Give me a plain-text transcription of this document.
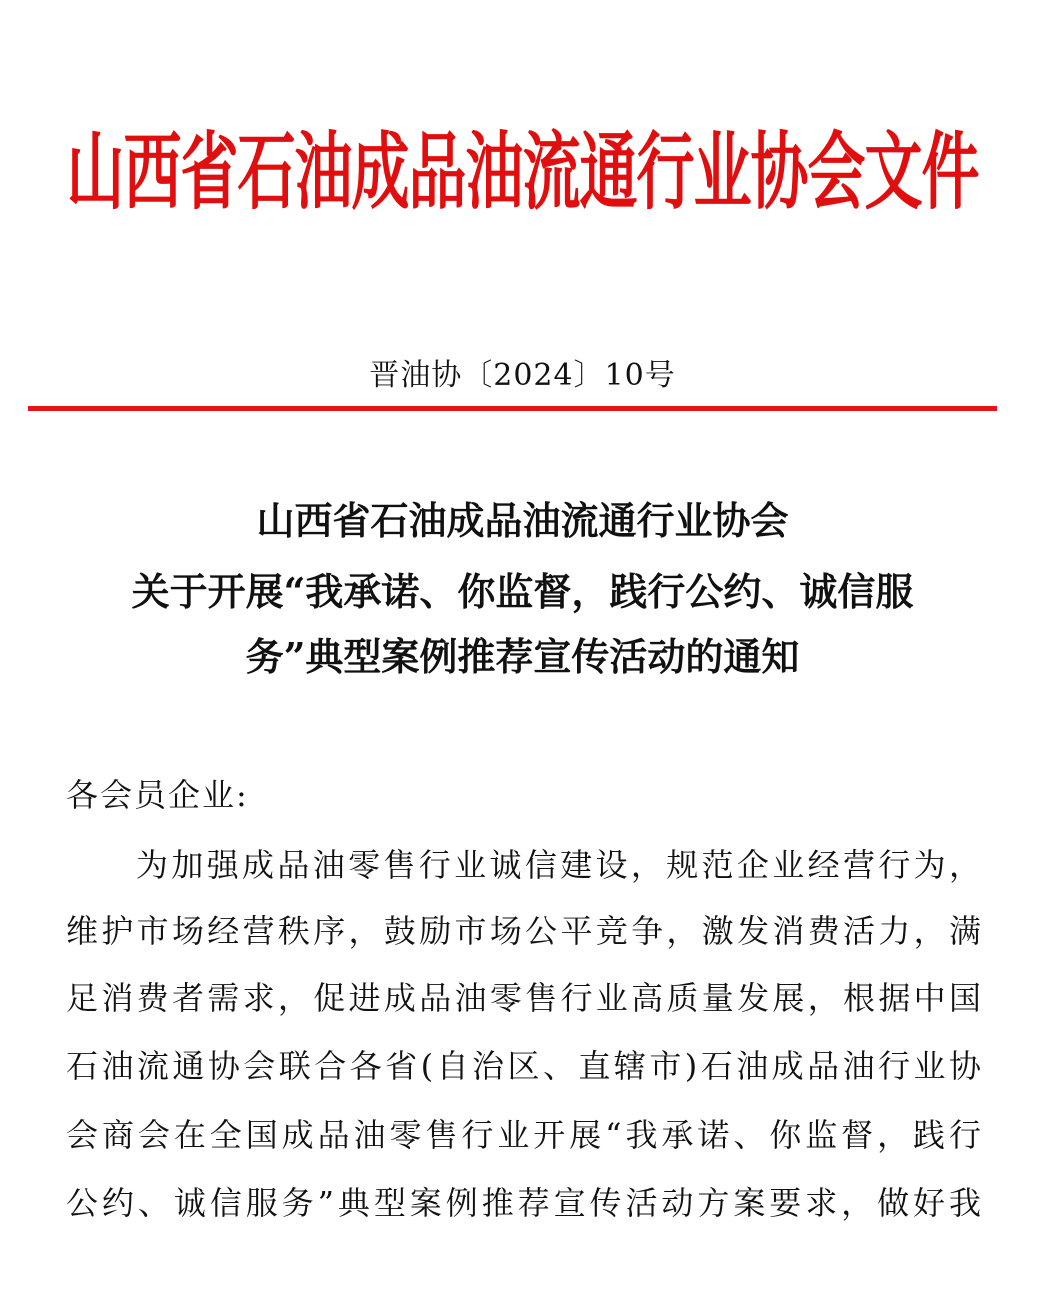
山西省石油成品油流通行业协会文件
晋油协〔2024〕10号
山西省石油成品油流通行业协会
关于开展“我承诺、你监督，践行公约、诚信服
务”典型案例推荐宣传活动的通知
各会员企业:
为加强成品油零售行业诚信建设，规范企业经营行为，
维护市场经营秩序，鼓励市场公平竞争，激发消费活力，满
足消费者需求，促进成品油零售行业高质量发展，根据中国
石油流通协会联合各省(自治区、直辖市)石油成品油行业协
会商会在全国成品油零售行业开展“我承诺、你监督，践行
公约、诚信服务”典型案例推荐宣传活动方案要求，做好我
